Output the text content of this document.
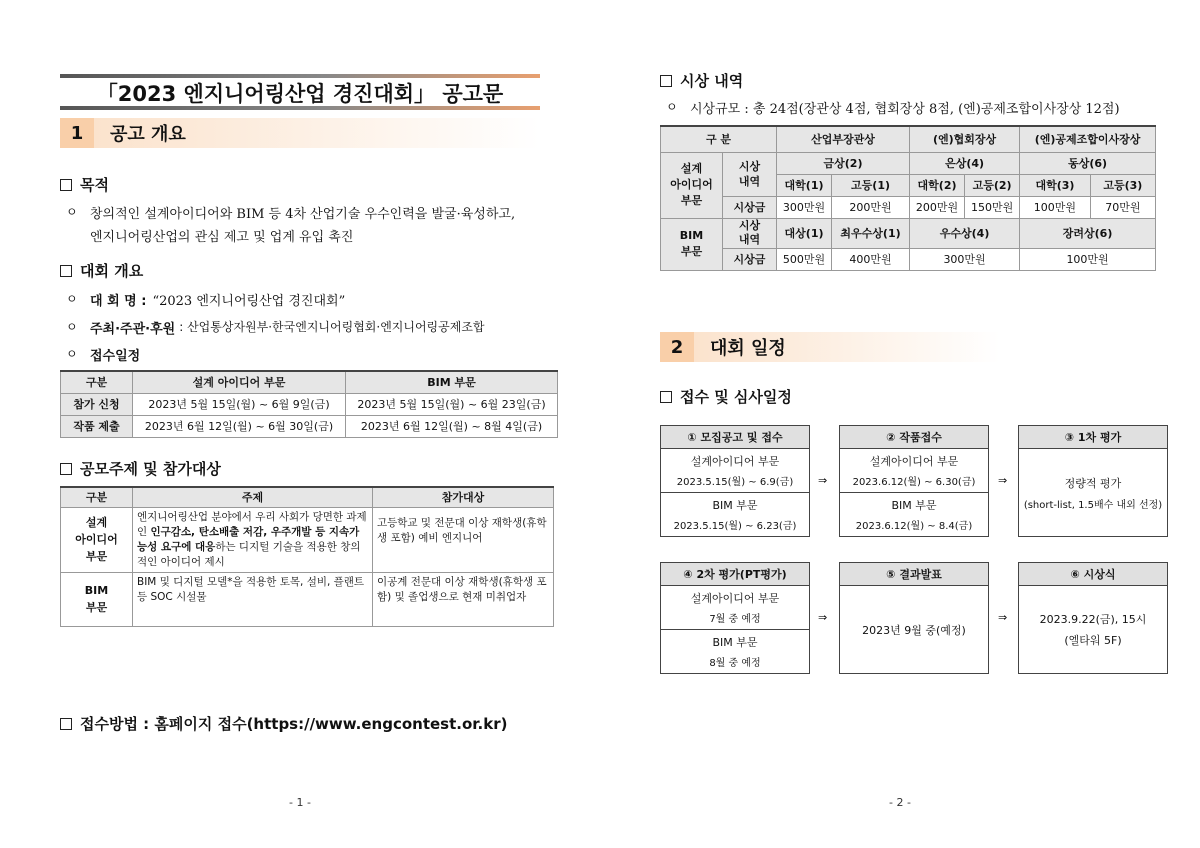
「2023 엔지니어링산업 경진대회」 공고문
1	공고 개요
목적
ㅇ 창의적인 설계아이디어와 BIM 등 4차 산업기술 우수인력을 발굴·육성하고,
엔지니어링산업의 관심 제고 및 업계 유입 촉진
대회 개요
ㅇ 대 회 명 : “2023 엔지니어링산업 경진대회”
ㅇ 주최·주관·후원 : 산업통상자원부·한국엔지니어링협회·엔지니어링공제조합
ㅇ 접수일정
구분	설계 아이디어 부문	BIM 부문
참가 신청	2023년 5월 15일(월) ~ 6월 9일(금)	2023년 5월 15일(월) ~ 6월 23일(금)
작품 제출	2023년 6월 12일(월) ~ 6월 30일(금)	2023년 6월 12일(월) ~ 8월 4일(금)
공모주제 및 참가대상
구분	주제	참가대상
설계
아이디어
부문	엔지니어링산업 분야에서 우리 사회가 당면한 과제인 인구감소, 탄소배출 저감, 우주개발 등 지속가능성 요구에 대응하는 디지털 기술을 적용한 창의적인 아이디어 제시	고등학교 및 전문대 이상 재학생(휴학생 포함) 예비 엔지니어
BIM
부문	BIM 및 디지털 모델*을 적용한 토목, 설비, 플랜트 등 SOC 시설물	이공계 전문대 이상 재학생(휴학생 포함) 및 졸업생으로 현재 미취업자
접수방법 : 홈페이지 접수(https://www.engcontest.or.kr)
- 1 -
시상 내역
ㅇ 시상규모 : 총 24점(장관상 4점, 협회장상 8점, (엔)공제조합이사장상 12점)
구 분		산업부장관상		(엔)협회장상		(엔)공제조합이사장상	
설계
아이디어
부문	시상
내역	금상(2)		은상(4)		동상(6)	
		대학(1)	고등(1)	대학(2)	고등(2)	대학(3)	고등(3)
	시상금	300만원	200만원	200만원	150만원	100만원	70만원
BIM
부문	시상
내역	대상(1)	최우수상(1)	우수상(4)		장려상(6)	
	시상금	500만원	400만원	300만원		100만원	
2	대회 일정
접수 및 심사일정
① 모집공고 및 접수
설계아이디어 부문
2023.5.15(월) ~ 6.9(금)
BIM 부문
2023.5.15(월) ~ 6.23(금)
⇒
② 작품접수
설계아이디어 부문
2023.6.12(월) ~ 6.30(금)
BIM 부문
2023.6.12(월) ~ 8.4(금)
⇒
③ 1차 평가
정량적 평가
(short-list, 1.5배수 내외 선정)
④ 2차 평가(PT평가)
설계아이디어 부문
7월 중 예정
BIM 부문
8월 중 예정
⇒
⑤ 결과발표
2023년 9월 중(예정)
⇒
⑥ 시상식
2023.9.22(금), 15시
(엘타워 5F)
- 2 -
